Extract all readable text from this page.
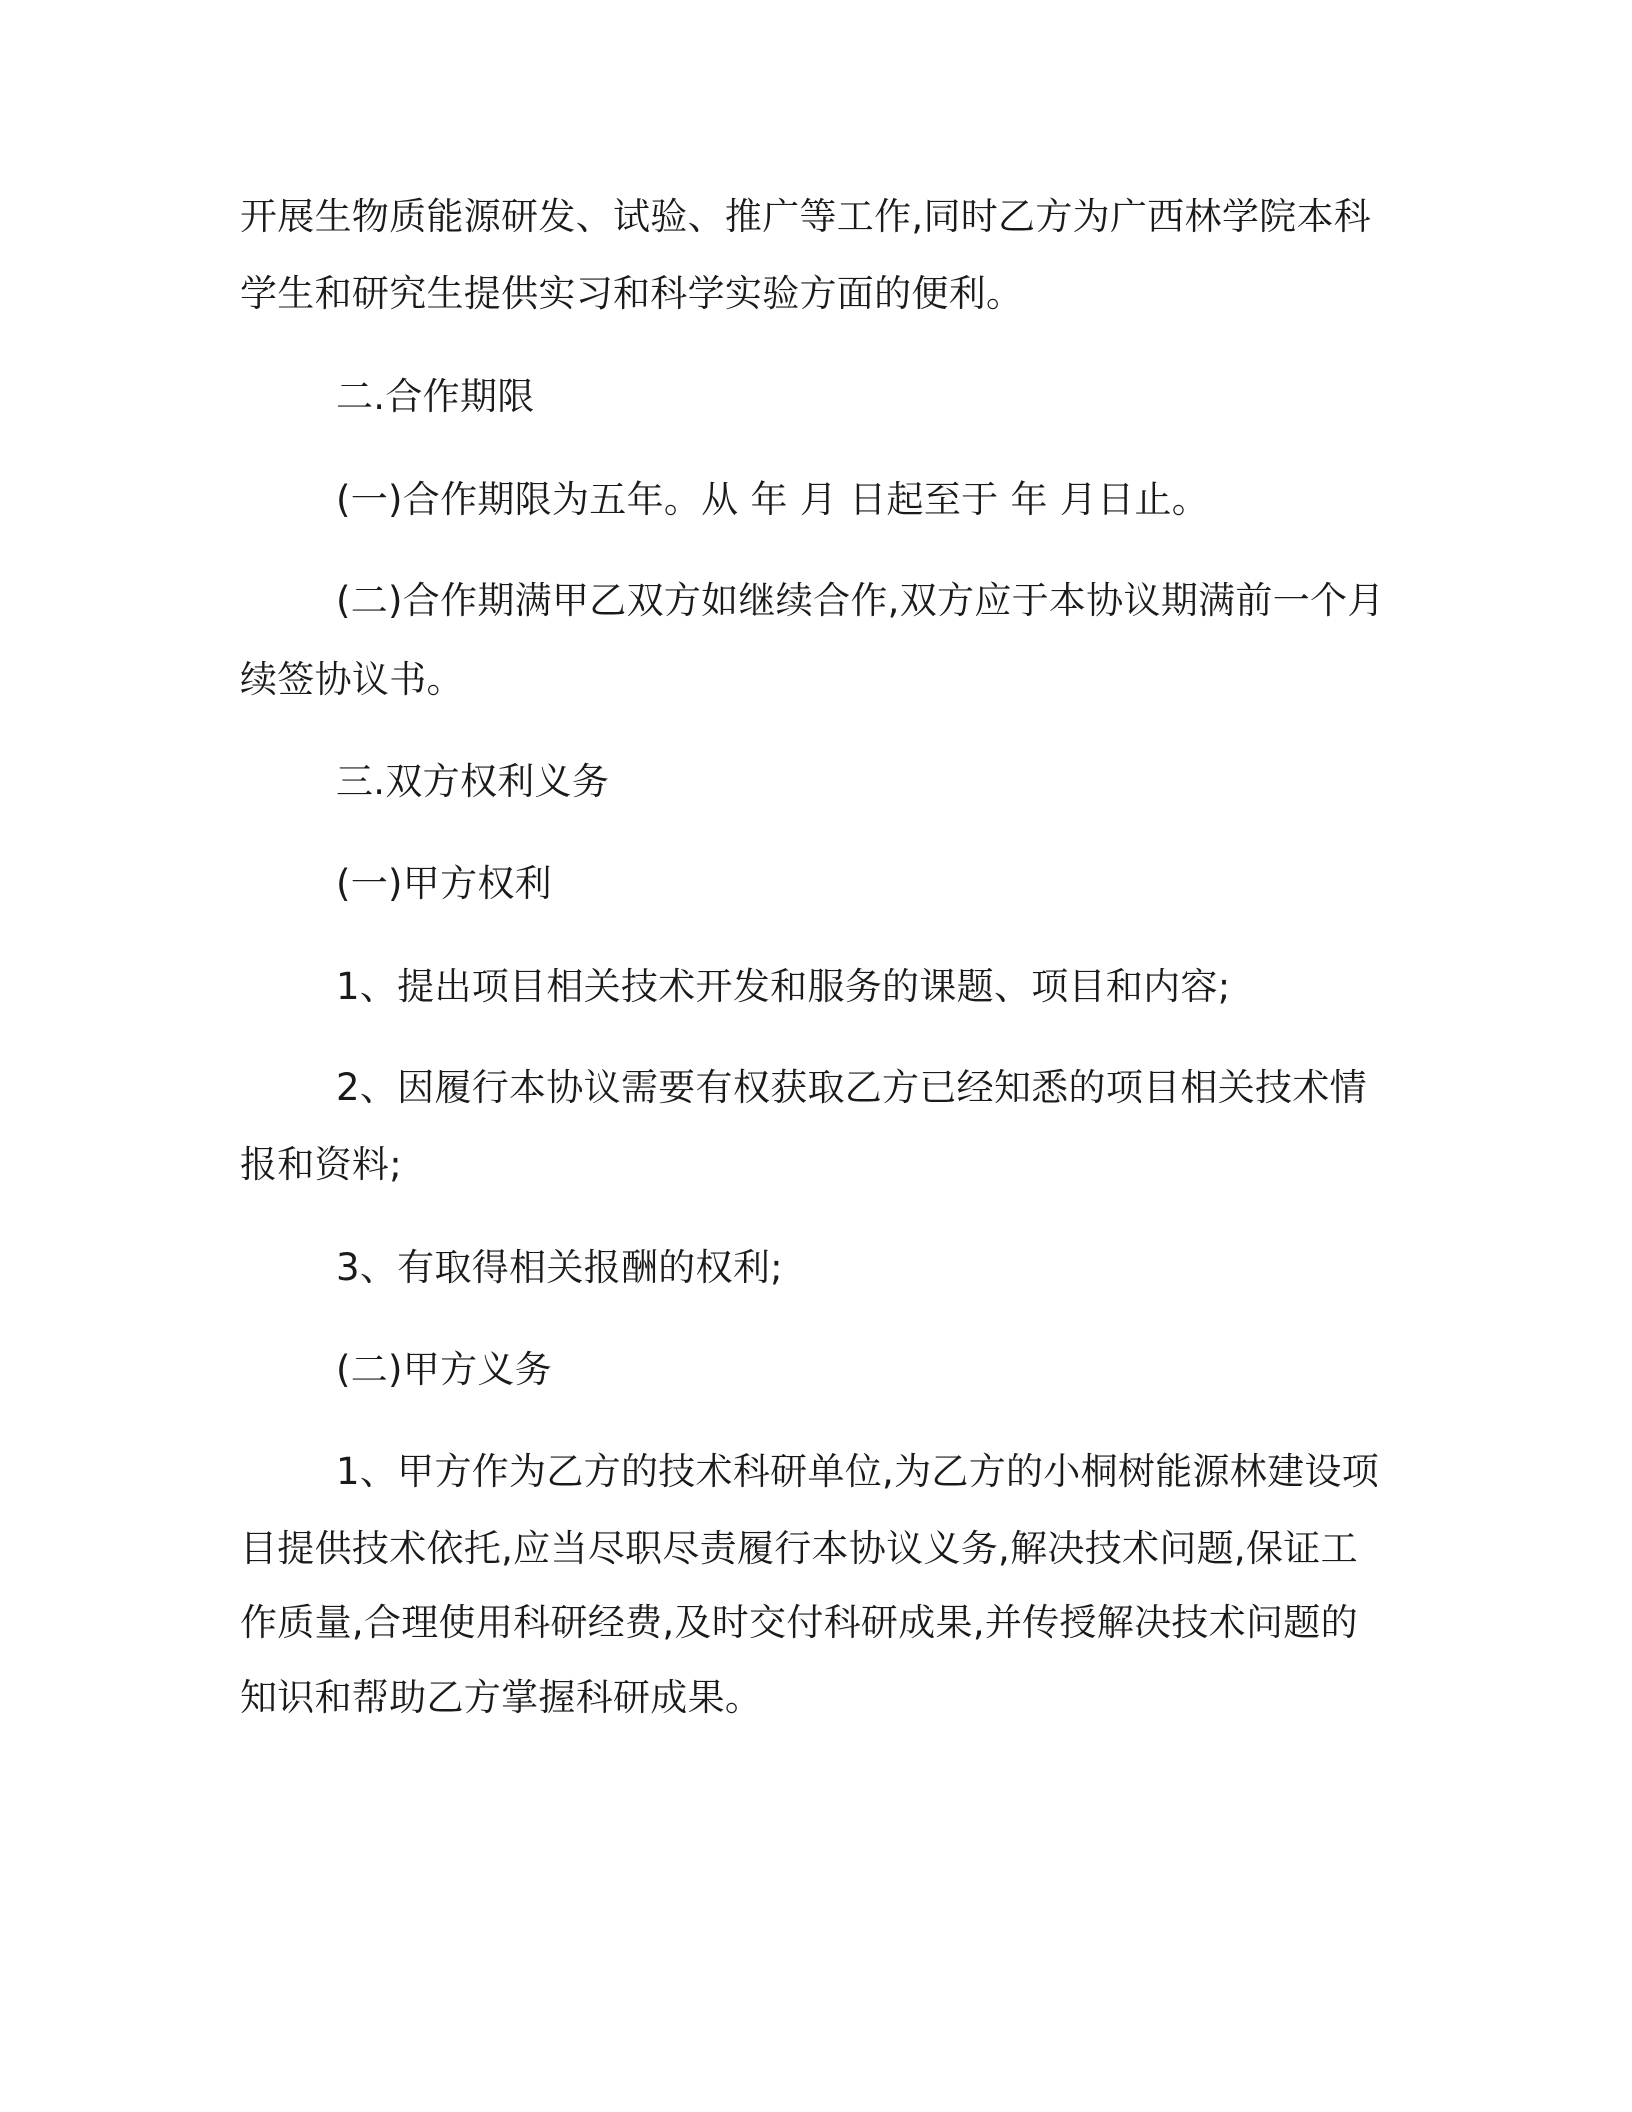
开展生物质能源研发、试验、推广等工作,同时乙方为广西林学院本科
学生和研究生提供实习和科学实验方面的便利。
二.合作期限
(一)合作期限为五年。从 年 月 日起至于 年 月日止。
(二)合作期满甲乙双方如继续合作,双方应于本协议期满前一个月
续签协议书。
三.双方权利义务
(一)甲方权利
1、提出项目相关技术开发和服务的课题、项目和内容;
2、因履行本协议需要有权获取乙方已经知悉的项目相关技术情
报和资料;
3、有取得相关报酬的权利;
(二)甲方义务
1、甲方作为乙方的技术科研单位,为乙方的小桐树能源林建设项
目提供技术依托,应当尽职尽责履行本协议义务,解决技术问题,保证工
作质量,合理使用科研经费,及时交付科研成果,并传授解决技术问题的
知识和帮助乙方掌握科研成果。
